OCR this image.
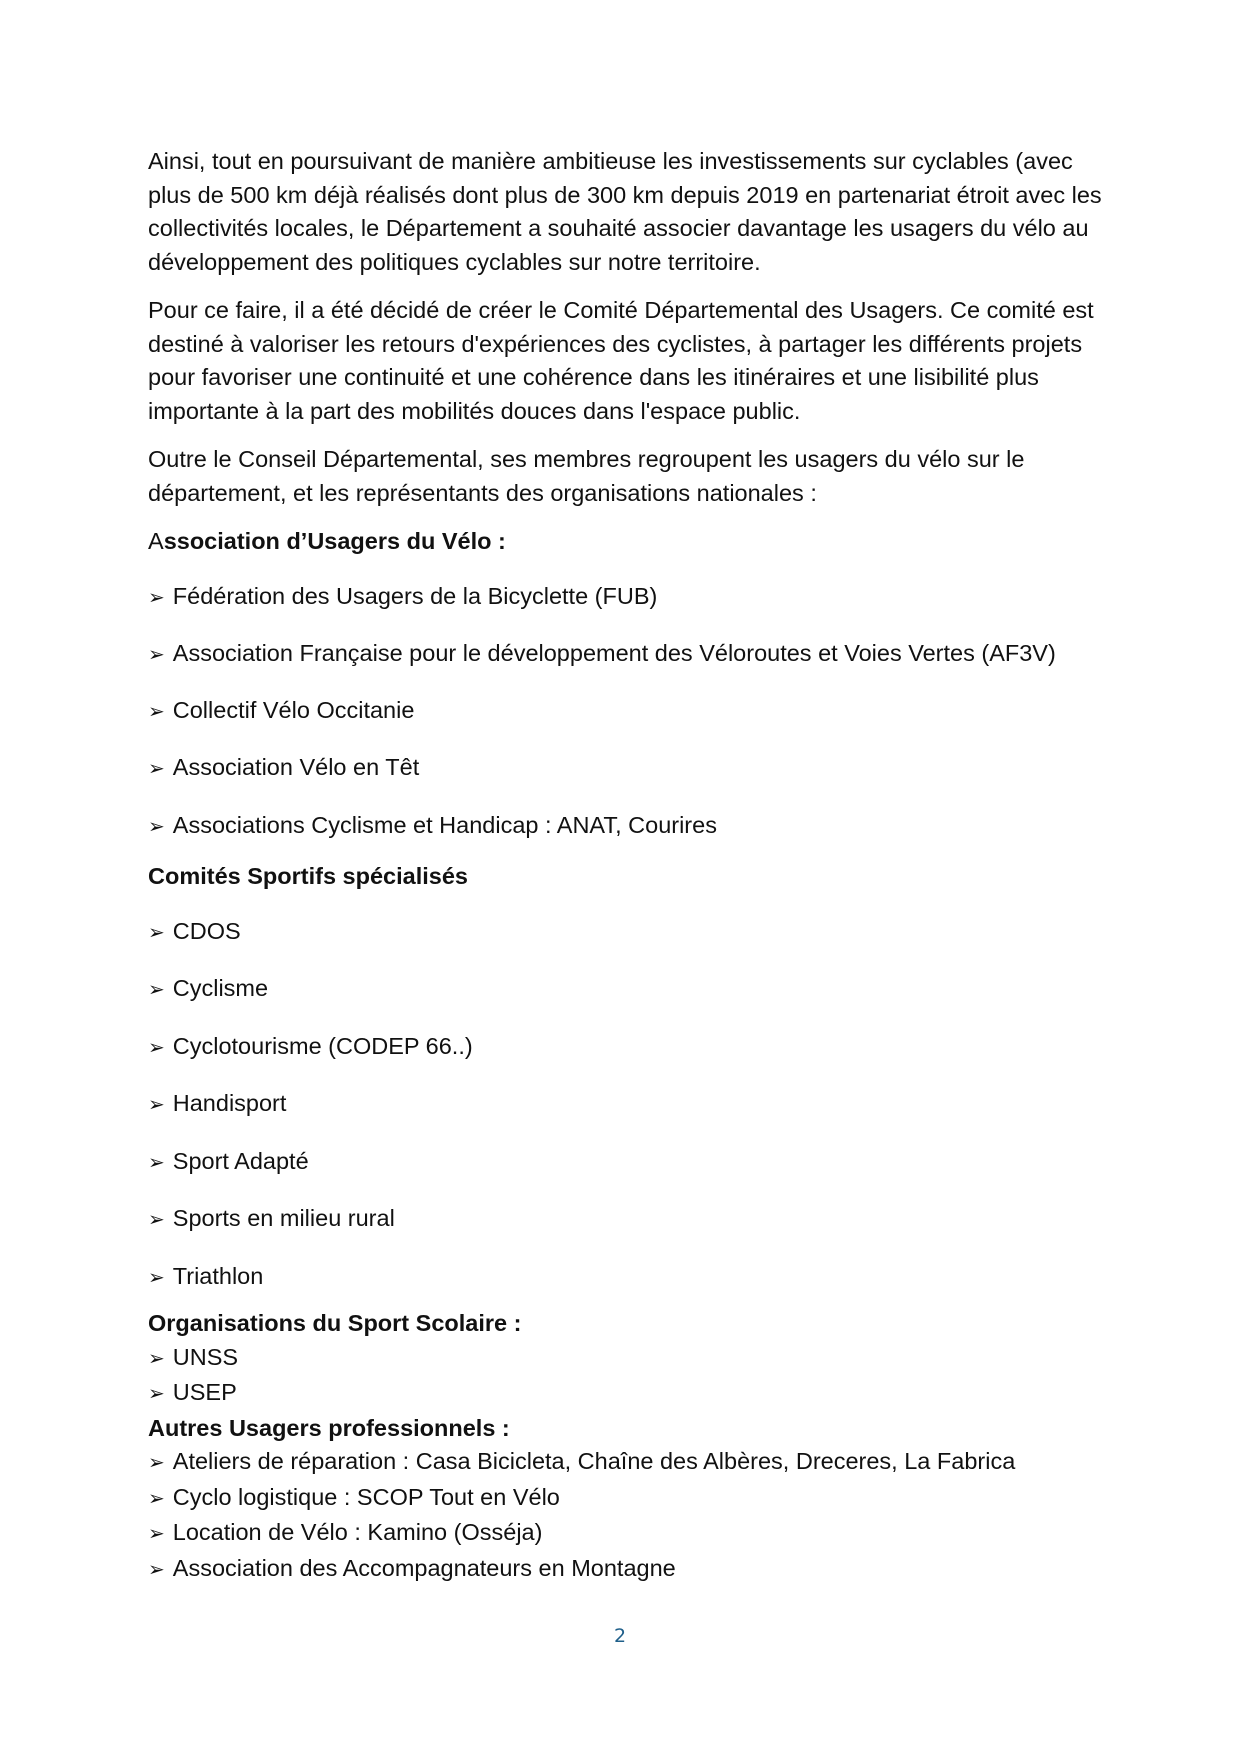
Ainsi, tout en poursuivant de manière ambitieuse les investissements sur cyclables (avec plus de 500 km déjà réalisés dont plus de 300 km depuis 2019 en partenariat étroit avec les collectivités locales, le Département a souhaité associer davantage les usagers du vélo au développement des politiques cyclables sur notre territoire.

Pour ce faire, il a été décidé de créer le Comité Départemental des Usagers. Ce comité est destiné à valoriser les retours d'expériences des cyclistes, à partager les différents projets pour favoriser une continuité et une cohérence dans les itinéraires et une lisibilité plus importante à la part des mobilités douces dans l'espace public.

Outre le Conseil Départemental, ses membres regroupent les usagers du vélo sur le département, et les représentants des organisations nationales :

Association d’Usagers du Vélo :
➢ Fédération des Usagers de la Bicyclette (FUB)
➢ Association Française pour le développement des Véloroutes et Voies Vertes (AF3V)
➢ Collectif Vélo Occitanie
➢ Association Vélo en Têt
➢ Associations Cyclisme et Handicap : ANAT, Courires
Comités Sportifs spécialisés
➢ CDOS
➢ Cyclisme
➢ Cyclotourisme (CODEP 66..)
➢ Handisport
➢ Sport Adapté
➢ Sports en milieu rural
➢ Triathlon
Organisations du Sport Scolaire :
➢ UNSS
➢ USEP
Autres Usagers professionnels :
➢ Ateliers de réparation : Casa Bicicleta, Chaîne des Albères, Dreceres, La Fabrica
➢ Cyclo logistique : SCOP Tout en Vélo
➢ Location de Vélo : Kamino (Osséja)
➢ Association des Accompagnateurs en Montagne
2
